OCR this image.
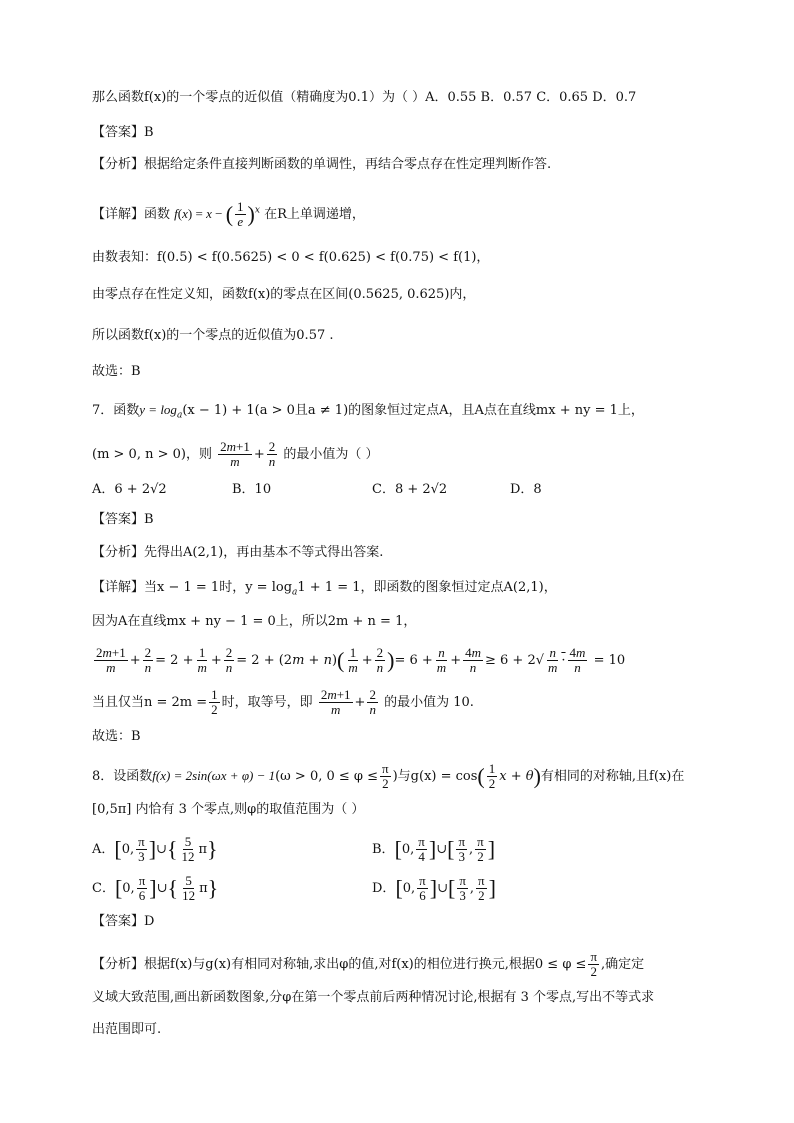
那么函数f(x)的一个零点的近似值（精确度为0.1）为（ ）A．0.55 B．0.57 C．0.65 D．0.7
【答案】B
【分析】根据给定条件直接判断函数的单调性，再结合零点存在性定理判断作答.
【详解】函数 f(x) = x − ( $\frac{1}{e} )^x$ 在R上单调递增，
由数表知：f(0.5) < f(0.5625) < 0 < f(0.625) < f(0.75) < f(1)，
由零点存在性定义知，函数f(x)的零点在区间(0.5625, 0.625)内，
所以函数f(x)的一个零点的近似值为0.57 .
故选：B
7．函数$y = \log_a(x - 1) + 1(a > 0$且a ≠ 1)的图象恒过定点A，且A点在直线mx + ny = 1上，
(m > 0, n > 0)，则 $\frac{2m+1}{m} + \frac{2}{n}$ 的最小值为（ ）
A．6 + 2√2	B．10	C．8 + 2√2	D．8
【答案】B
【分析】先得出A(2,1)，再由基本不等式得出答案.
【详解】当x − 1 = 1时，$y = \log_a1 + 1 = 1$，即函数的图象恒过定点A(2,1)，
因为A在直线mx + ny − 1 = 0上，所以2m + n = 1，
$\frac{2m+1}{m} + \frac{2}{n} = 2 + \frac{1}{m} + \frac{2}{n} = 2 + (2m + n)( \frac{1}{m} + \frac{2}{n}$ )= $6 + \frac{n}{m} + \frac{4m}{n} \ge 6 + 2√ \frac{n}{m} \cdot \frac{4m}{n} = 10$
当且仅当$n = 2m = \frac{1}{2}$ 时，取等号，即 $\frac{2m+1}{m} + \frac{2}{n}$ 的最小值为 10.
故选：B
8．设函数f(x) = 2sin(ωx + φ) − 1(ω > 0, $0 \le \varphi \le \frac{\pi}{2}$ )与$g(x) = \cos( \frac{1}{2}$ x + θ)有相同的对称轴,且f(x)在
[0,5π] 内恰有 3 个零点,则φ的取值范围为（ ）
A．[0, $\frac{\pi}{3}$ ]∪{ $\frac{5}{12} \pi$}	B．[0, $\frac{\pi}{4}$ ]∪[ $\frac{\pi}{3}$ , $\frac{\pi}{2}$ ]
C．[0, $\frac{\pi}{6}$ ]∪{ $\frac{5}{12} \pi$}	D．[0, $\frac{\pi}{6}$ ]∪[ $\frac{\pi}{3}$ , $\frac{\pi}{2}$ ]
【答案】D
【分析】根据f(x)与g(x)有相同对称轴,求出φ的值,对f(x)的相位进行换元,根据$0 \le \varphi \le \frac{\pi}{2}$ ,确定定
义域大致范围,画出新函数图象,分φ在第一个零点前后两种情况讨论,根据有 3 个零点,写出不等式求
出范围即可.
